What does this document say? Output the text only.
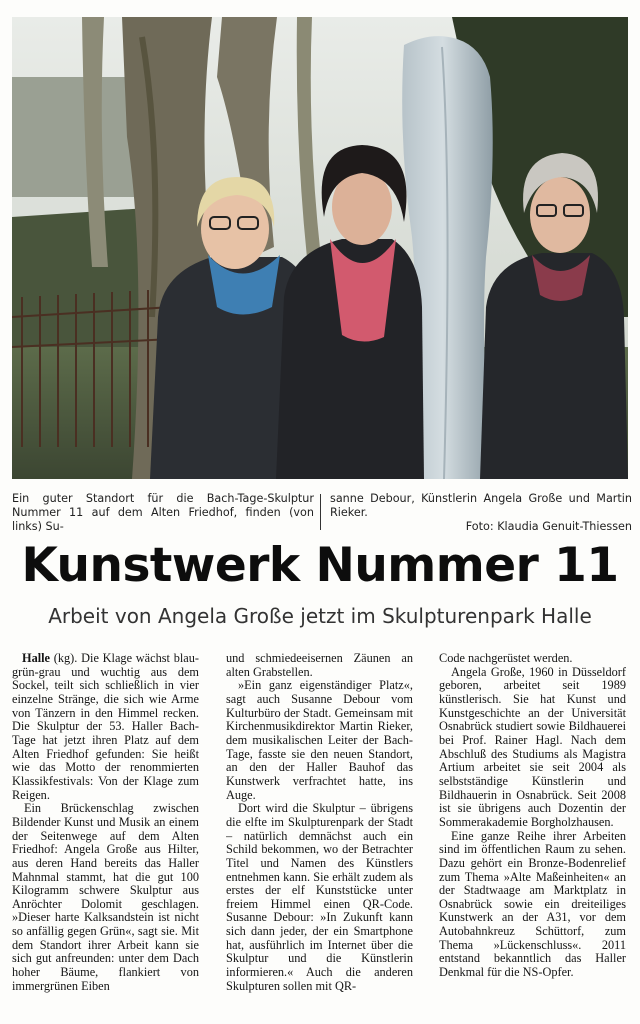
Ein guter Standort für die Bach-Tage-Skulptur Nummer 11 auf dem Alten Friedhof, finden (von links) Su-
sanne Debour, Künstlerin Angela Große und Martin Rieker.
Foto: Klaudia Genuit-Thiessen
Kunstwerk Nummer 11
Arbeit von Angela Große jetzt im Skulpturenpark Halle

Halle (kg). Die Klage wächst blau-grün-grau und wuchtig aus dem Sockel, teilt sich schließlich in vier einzelne Stränge, die sich wie Arme von Tänzern in den Himmel recken. Die Skulptur der 53. Haller Bach-Tage hat jetzt ihren Platz auf dem Alten Friedhof gefunden: Sie heißt wie das Motto der renommierten Klassikfestivals: Von der Klage zum Reigen.

Ein Brückenschlag zwischen Bildender Kunst und Musik an einem der Seitenwege auf dem Alten Friedhof: Angela Große aus Hilter, aus deren Hand bereits das Haller Mahnmal stammt, hat die gut 100 Kilogramm schwere Skulptur aus Anröchter Dolomit geschlagen. »Dieser harte Kalksandstein ist nicht so anfällig gegen Grün«, sagt sie. Mit dem Standort ihrer Arbeit kann sie sich gut anfreunden: unter dem Dach hoher Bäume, flankiert von immergrünen Eiben

und schmiedeeisernen Zäunen an alten Grabstellen.

»Ein ganz eigenständiger Platz«, sagt auch Susanne Debour vom Kulturbüro der Stadt. Gemeinsam mit Kirchenmusikdirektor Martin Rieker, dem musikalischen Leiter der Bach-Tage, fasste sie den neuen Standort, an den der Haller Bauhof das Kunstwerk verfrachtet hatte, ins Auge.

Dort wird die Skulptur – übrigens die elfte im Skulpturenpark der Stadt – natürlich demnächst auch ein Schild bekommen, wo der Betrachter Titel und Namen des Künstlers entnehmen kann. Sie erhält zudem als erstes der elf Kunststücke unter freiem Himmel einen QR-Code. Susanne Debour: »In Zukunft kann sich dann jeder, der ein Smartphone hat, ausführlich im Internet über die Skulptur und die Künstlerin informieren.« Auch die anderen Skulpturen sollen mit QR-

Code nachgerüstet werden.

Angela Große, 1960 in Düsseldorf geboren, arbeitet seit 1989 künstlerisch. Sie hat Kunst und Kunstgeschichte an der Universität Osnabrück studiert sowie Bildhauerei bei Prof. Rainer Hagl. Nach dem Abschluß des Studiums als Magistra Artium arbeitet sie seit 2004 als selbstständige Künstlerin und Bildhauerin in Osnabrück. Seit 2008 ist sie übrigens auch Dozentin der Sommerakademie Borgholzhausen.

Eine ganze Reihe ihrer Arbeiten sind im öffentlichen Raum zu sehen. Dazu gehört ein Bronze-Bodenrelief zum Thema »Alte Maßeinheiten« an der Stadtwaage am Marktplatz in Osnabrück sowie ein dreiteiliges Kunstwerk an der A31, vor dem Autobahnkreuz Schüttorf, zum Thema »Lückenschluss«. 2011 entstand bekanntlich das Haller Denkmal für die NS-Opfer.
